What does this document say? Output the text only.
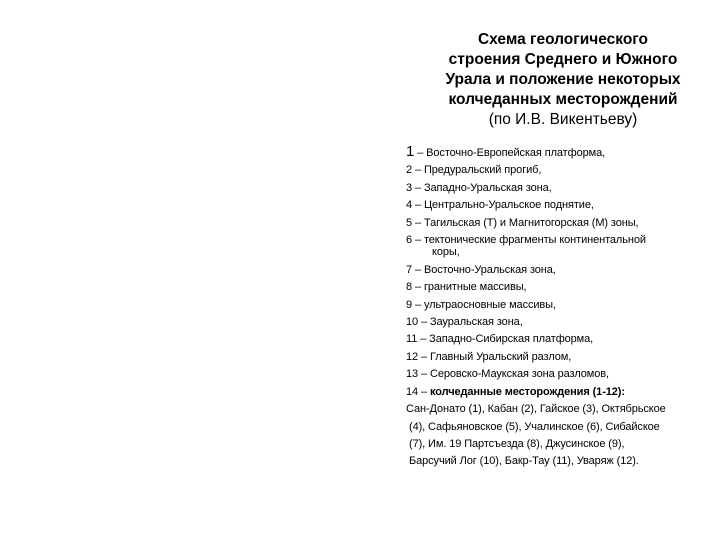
Схема геологического
строения Среднего и Южного
Урала и положение некоторых
колчеданных месторождений
(по И.В. Викентьеву)
1 – Восточно-Европейская платформа,
2 – Предуральский прогиб,
3 – Западно-Уральская зона,
4 – Центрально-Уральское поднятие,
5 – Тагильская (Т) и Магнитогорская (М) зоны,
6 – тектонические фрагменты континентальной
коры,
7 – Восточно-Уральская зона,
8 – гранитные массивы,
9 – ультраосновные массивы,
10 – Зауральская зона,
11 – Западно-Сибирская платформа,
12 – Главный Уральский разлом,
13 – Серовско-Маукская зона разломов,
14 – колчеданные месторождения (1-12):
Сан-Донато (1), Кабан (2), Гайское (3), Октябрьское
(4), Сафьяновское (5), Учалинское (6), Сибайское
(7), Им. 19 Партсъезда (8), Джусинское (9),
Барсучий Лог (10), Бакр-Тау (11), Уваряж (12).
